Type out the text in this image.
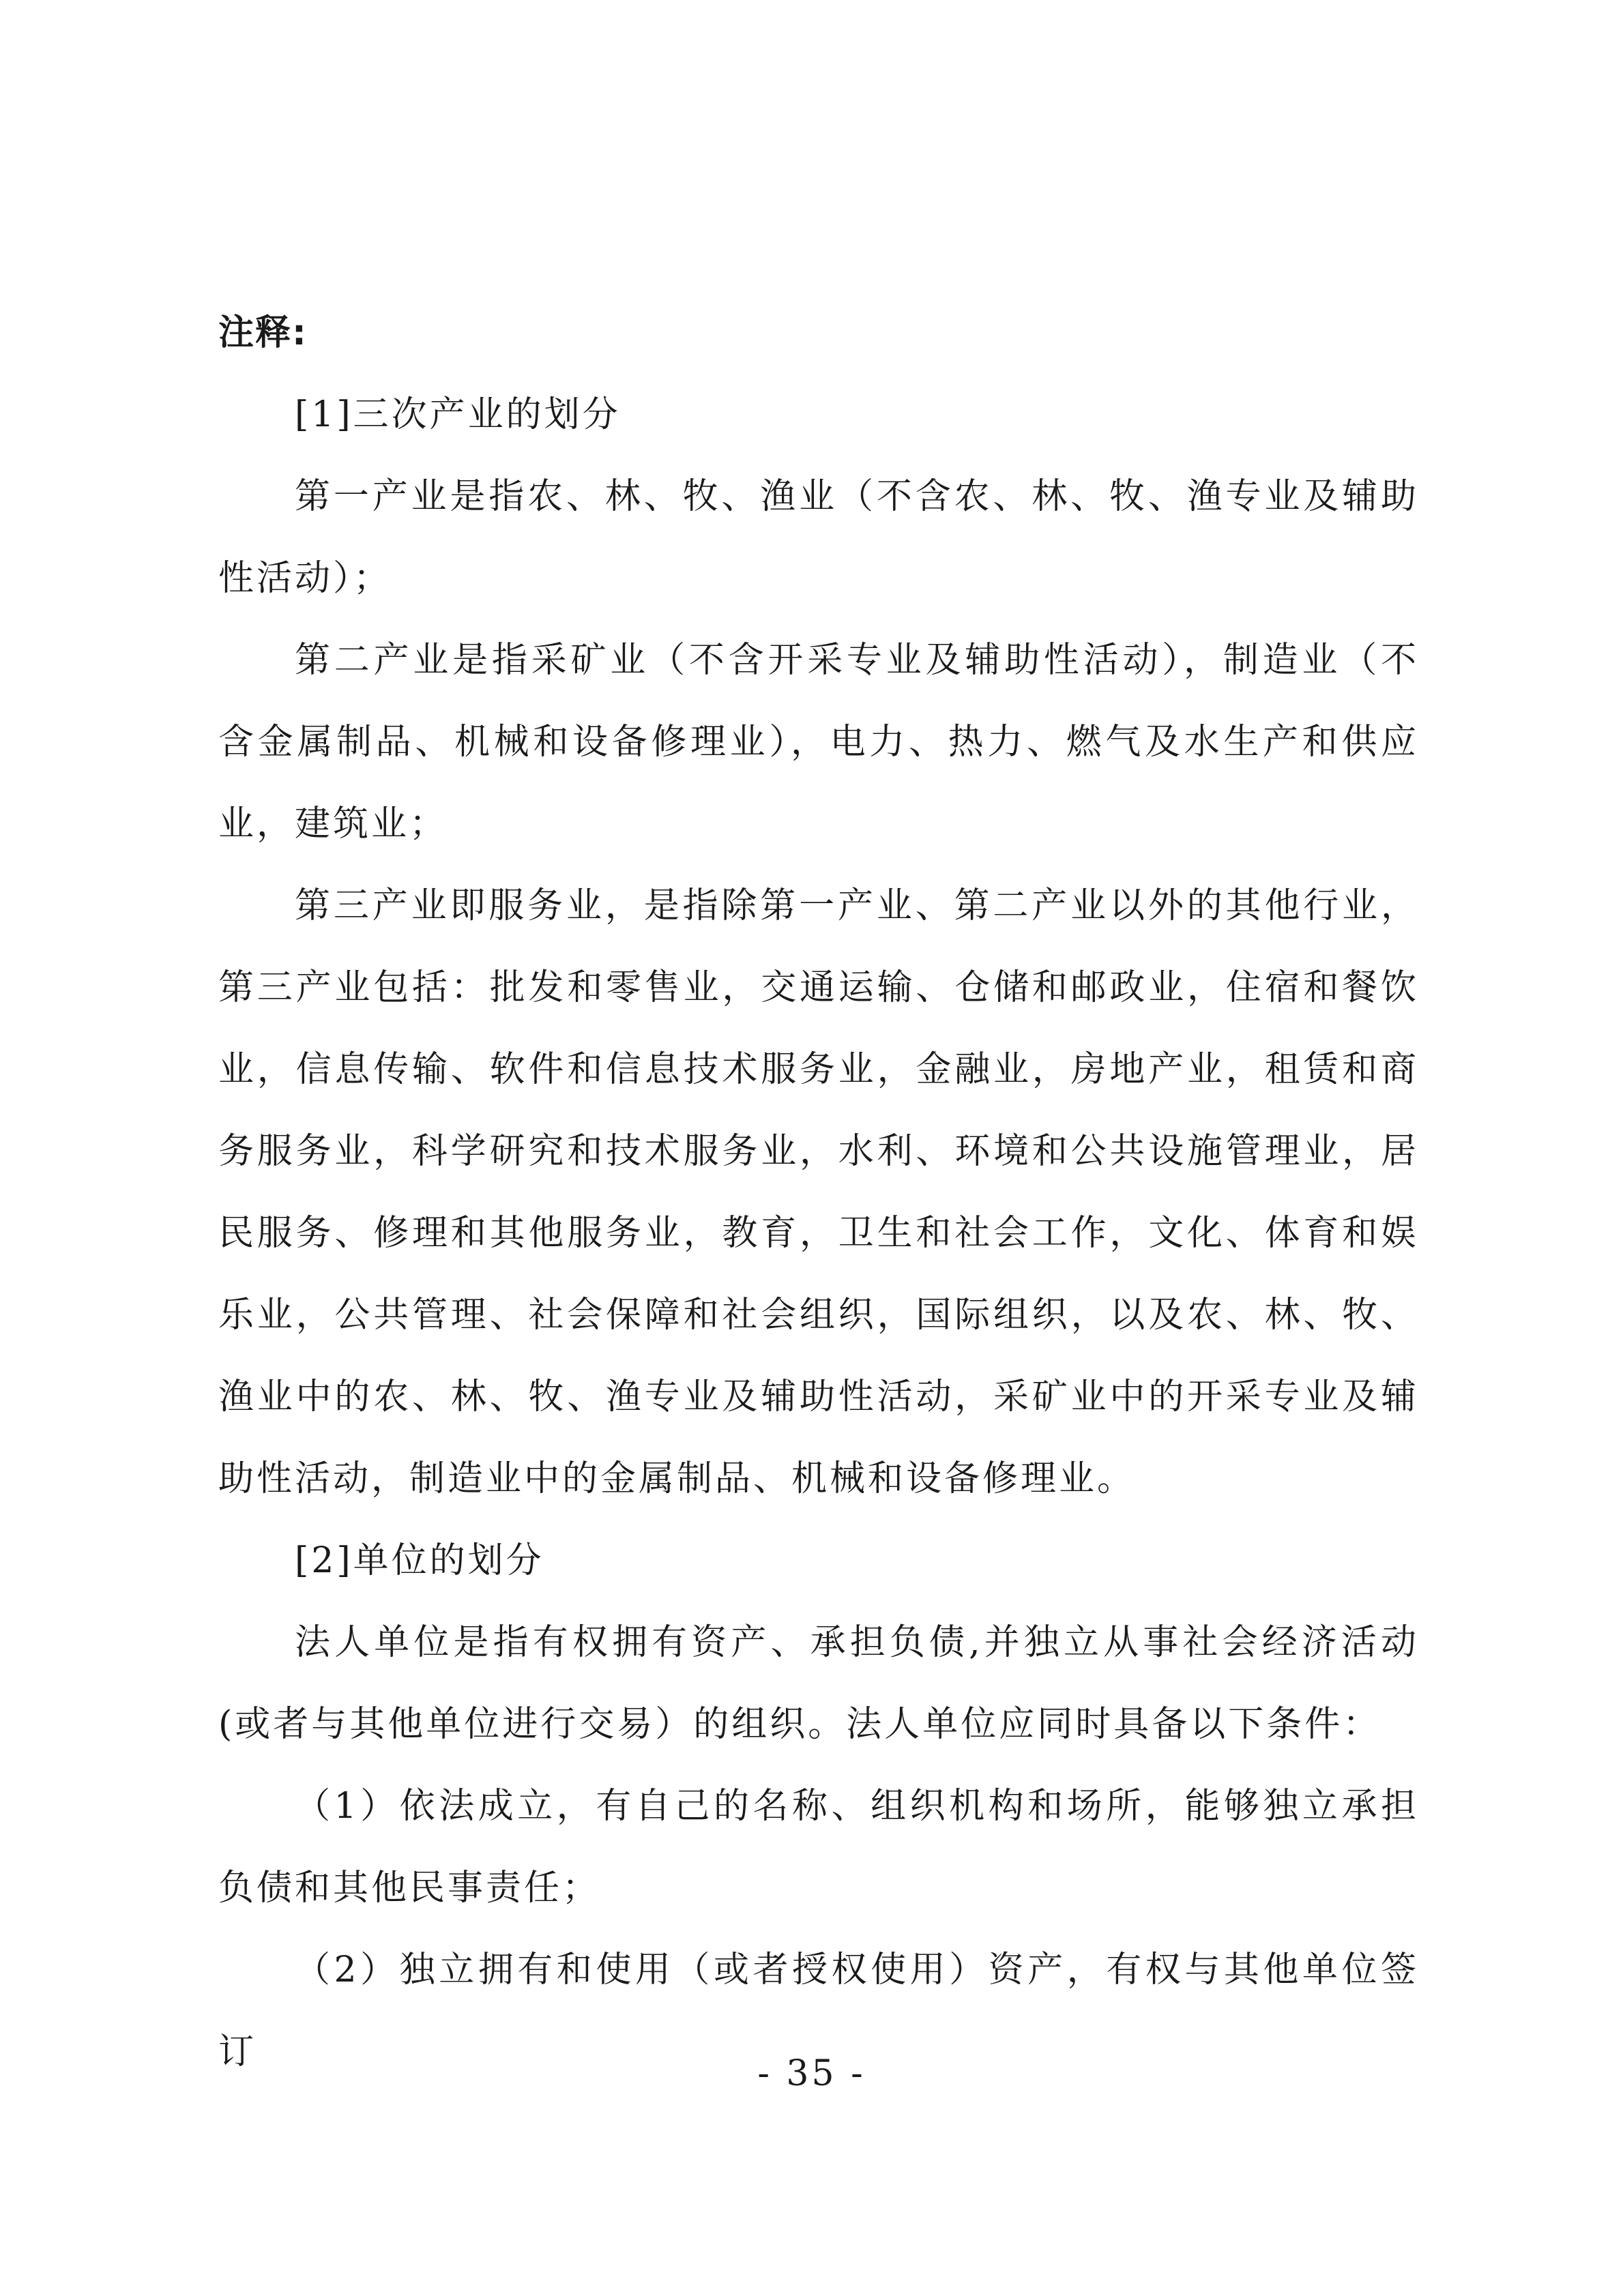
注释:

[1]三次产业的划分

第一产业是指农、林、牧、渔业（不含农、林、牧、渔专业及辅助性活动）；

第二产业是指采矿业（不含开采专业及辅助性活动），制造业（不含金属制品、机械和设备修理业），电力、热力、燃气及水生产和供应业，建筑业；

第三产业即服务业，是指除第一产业、第二产业以外的其他行业，第三产业包括：批发和零售业，交通运输、仓储和邮政业，住宿和餐饮业，信息传输、软件和信息技术服务业，金融业，房地产业，租赁和商务服务业，科学研究和技术服务业，水利、环境和公共设施管理业，居民服务、修理和其他服务业，教育，卫生和社会工作，文化、体育和娱乐业，公共管理、社会保障和社会组织，国际组织，以及农、林、牧、渔业中的农、林、牧、渔专业及辅助性活动，采矿业中的开采专业及辅助性活动，制造业中的金属制品、机械和设备修理业。

[2]单位的划分

法人单位是指有权拥有资产、承担负债,并独立从事社会经济活动(或者与其他单位进行交易）的组织。法人单位应同时具备以下条件：

（1）依法成立，有自己的名称、组织机构和场所，能够独立承担负债和其他民事责任；

（2）独立拥有和使用（或者授权使用）资产，有权与其他单位签订

- 35 -
